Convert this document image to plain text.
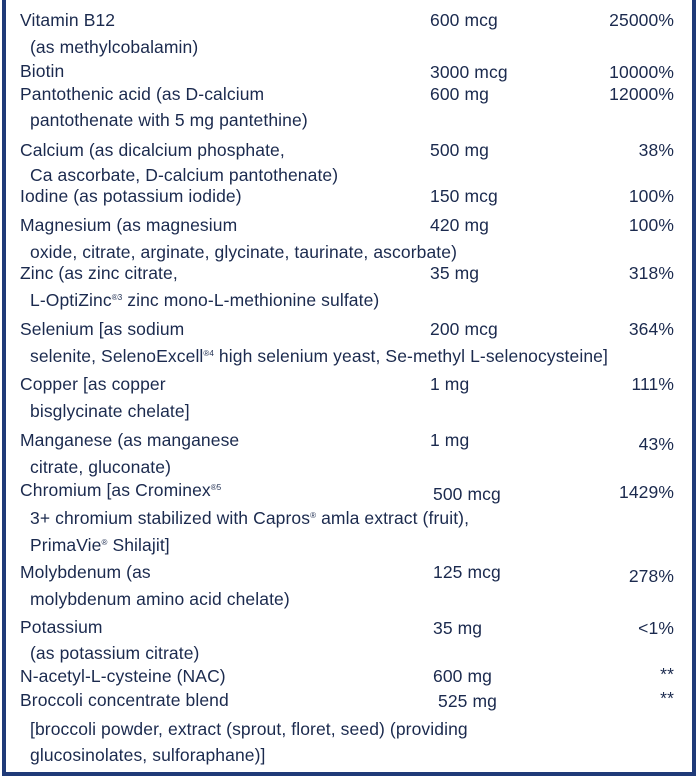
Vitamin B12	600 mcg	25000%
(as methylcobalamin)
Biotin	3000 mcg	10000%
Pantothenic acid (as D-calcium	600 mg	12000%
pantothenate with 5 mg pantethine)
Calcium (as dicalcium phosphate,	500 mg	38%
Ca ascorbate, D-calcium pantothenate)
Iodine (as potassium iodide)	150 mcg	100%
Magnesium (as magnesium	420 mg	100%
oxide, citrate, arginate, glycinate, taurinate, ascorbate)
Zinc (as zinc citrate,	35 mg	318%
L-OptiZinc$^{®3}$ zinc mono-L-methionine sulfate)
Selenium [as sodium	200 mcg	364%
selenite, SelenoExcell$^{®4}$ high selenium yeast, Se-methyl L-selenocysteine]
Copper [as copper	1 mg	111%
bisglycinate chelate]
Manganese (as manganese	1 mg	43%
citrate, gluconate)
Chromium [as Crominex$^{®5}$	500 mcg	1429%
3+ chromium stabilized with Capros® amla extract (fruit),
PrimaVie® Shilajit]
Molybdenum (as	125 mcg	278%
molybdenum amino acid chelate)
Potassium	35 mg	<1%
(as potassium citrate)
N-acetyl-L-cysteine (NAC)	600 mg	**
Broccoli concentrate blend	525 mg	**
[broccoli powder, extract (sprout, floret, seed) (providing
glucosinolates, sulforaphane)]
